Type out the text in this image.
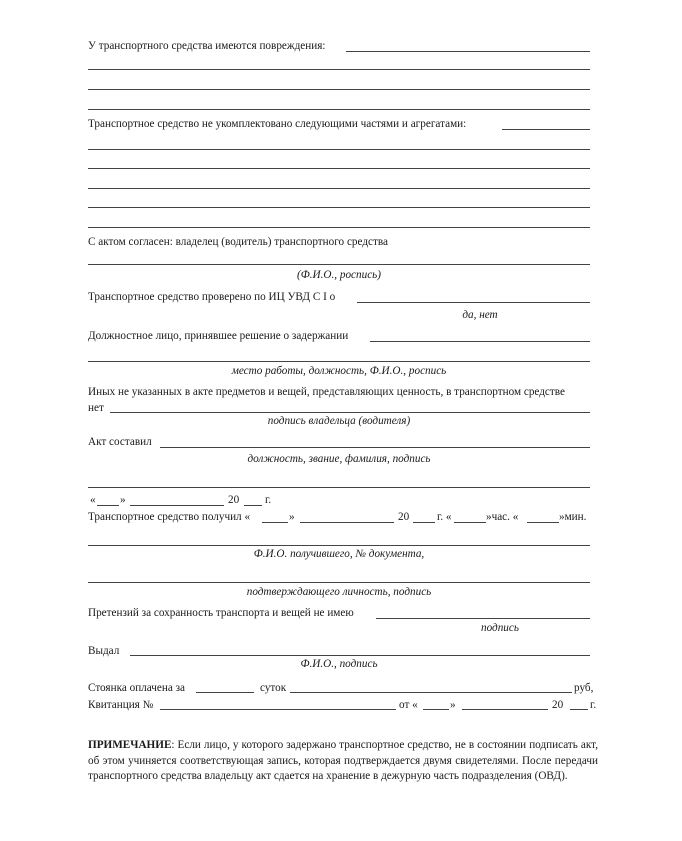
У транспортного средства имеются повреждения:
Транспортное средство не укомплектовано следующими частями и агрегатами:
С актом согласен: владелец (водитель) транспортного средства
(Ф.И.О., роспись)
Транспортное средство проверено по ИЦ УВД С I о
да, нет
Должностное лицо, принявшее решение о задержании
место работы, должность, Ф.И.О., роспись
Иных не указанных в акте предметов и вещей, представляющих ценность, в транспортном средстве
нет
подпись владельца (водителя)
Акт составил
должность, звание, фамилия, подпись
« »	20 г.
Транспортное средство получил «	»	20 г. «	»час. «	»мин.
Ф.И.О. получившего, № документа,
подтверждающего личность, подпись
Претензий за сохранность транспорта и вещей не имею
подпись
Выдал
Ф.И.О., подпись
Стоянка оплачена за	суток	руб,
Квитанция №	от «	»	20 г.
ПРИМЕЧАНИЕ: Если лицо, у которого задержано транспортное средство, не в состоянии подписать акт, об этом учиняется соответствующая запись, которая подтверждается двумя свидетелями. После передачи транспортного средства владельцу акт сдается на хранение в дежурную часть подразделения (ОВД).
